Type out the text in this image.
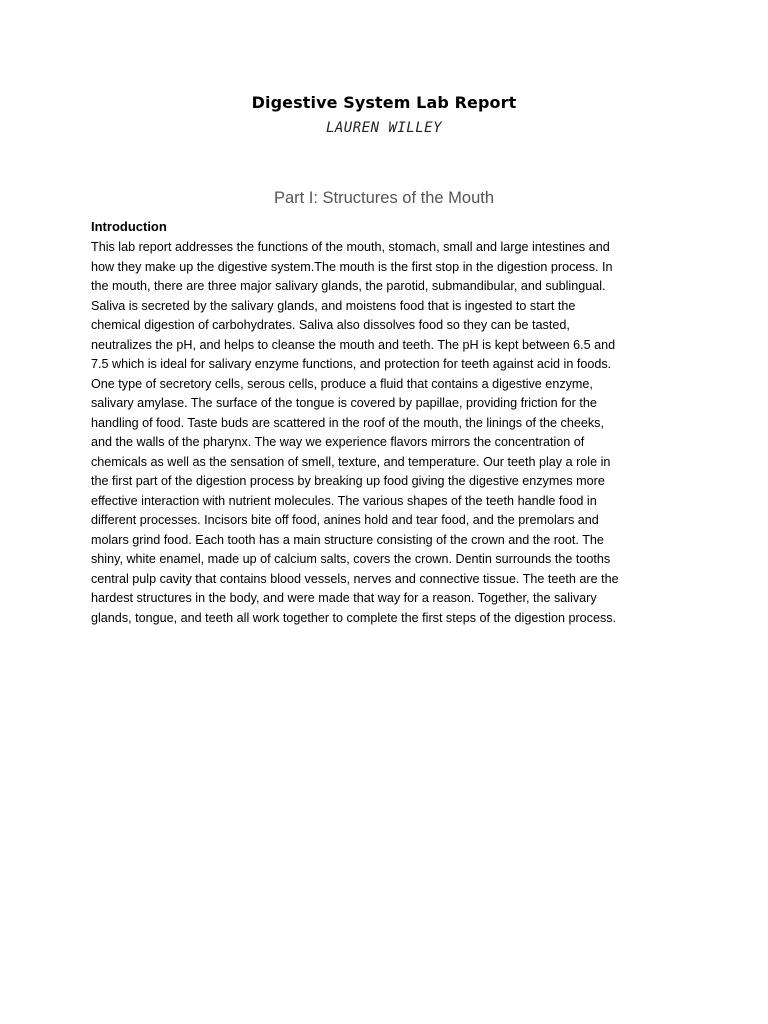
Digestive System Lab Report
LAUREN WILLEY
Part I: Structures of the Mouth
Introduction
This lab report addresses the functions of the mouth, stomach, small and large intestines and
how they make up the digestive system.The mouth is the first stop in the digestion process. In
the mouth, there are three major salivary glands, the parotid, submandibular, and sublingual.
Saliva is secreted by the salivary glands, and moistens food that is ingested to start the
chemical digestion of carbohydrates. Saliva also dissolves food so they can be tasted,
neutralizes the pH, and helps to cleanse the mouth and teeth. The pH is kept between 6.5 and
7.5 which is ideal for salivary enzyme functions, and protection for teeth against acid in foods.
One type of secretory cells, serous cells, produce a fluid that contains a digestive enzyme,
salivary amylase. The surface of the tongue is covered by papillae, providing friction for the
handling of food. Taste buds are scattered in the roof of the mouth, the linings of the cheeks,
and the walls of the pharynx. The way we experience flavors mirrors the concentration of
chemicals as well as the sensation of smell, texture, and temperature. Our teeth play a role in
the first part of the digestion process by breaking up food giving the digestive enzymes more
effective interaction with nutrient molecules. The various shapes of the teeth handle food in
different processes. Incisors bite off food, anines hold and tear food, and the premolars and
molars grind food. Each tooth has a main structure consisting of the crown and the root. The
shiny, white enamel, made up of calcium salts, covers the crown. Dentin surrounds the tooths
central pulp cavity that contains blood vessels, nerves and connective tissue. The teeth are the
hardest structures in the body, and were made that way for a reason. Together, the salivary
glands, tongue, and teeth all work together to complete the first steps of the digestion process.
